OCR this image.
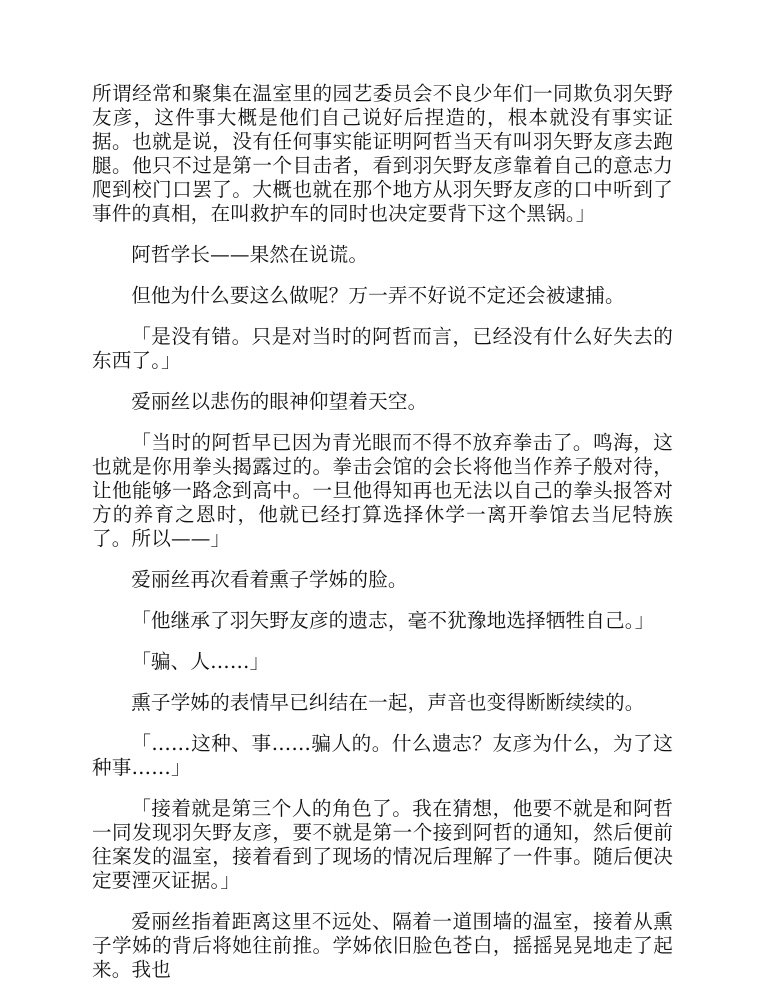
所谓经常和聚集在温室里的园艺委员会不良少年们一同欺负羽矢野友彦，这件事大概是他们自己说好后捏造的，根本就没有事实证据。也就是说，没有任何事实能证明阿哲当天有叫羽矢野友彦去跑腿。他只不过是第一个目击者，看到羽矢野友彦靠着自己的意志力爬到校门口罢了。大概也就在那个地方从羽矢野友彦的口中听到了事件的真相，在叫救护车的同时也决定要背下这个黑锅。」

阿哲学长——果然在说谎。

但他为什么要这么做呢？万一弄不好说不定还会被逮捕。

「是没有错。只是对当时的阿哲而言，已经没有什么好失去的东西了。」

爱丽丝以悲伤的眼神仰望着天空。

「当时的阿哲早已因为青光眼而不得不放弃拳击了。鸣海，这也就是你用拳头揭露过的。拳击会馆的会长将他当作养子般对待，让他能够一路念到高中。一旦他得知再也无法以自己的拳头报答对方的养育之恩时，他就已经打算选择休学一离开拳馆去当尼特族了。所以——」

爱丽丝再次看着熏子学姊的脸。

「他继承了羽矢野友彦的遗志，毫不犹豫地选择牺牲自己。」

「骗、人……」

熏子学姊的表情早已纠结在一起，声音也变得断断续续的。

「……这种、事……骗人的。什么遗志？友彦为什么，为了这种事……」

「接着就是第三个人的角色了。我在猜想，他要不就是和阿哲一同发现羽矢野友彦，要不就是第一个接到阿哲的通知，然后便前往案发的温室，接着看到了现场的情况后理解了一件事。随后便决定要湮灭证据。」

爱丽丝指着距离这里不远处、隔着一道围墙的温室，接着从熏子学姊的背后将她往前推。学姊依旧脸色苍白，摇摇晃晃地走了起来。我也
